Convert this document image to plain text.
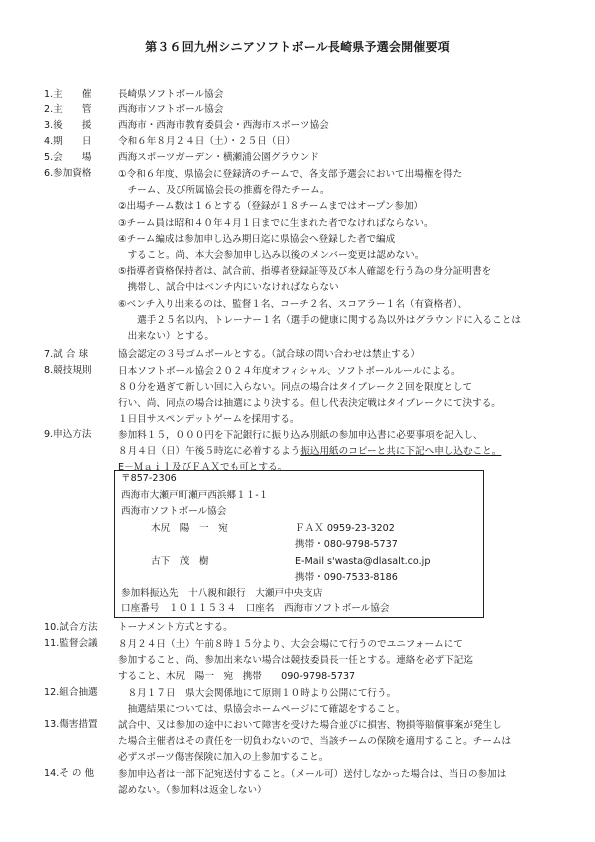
第３６回九州シニアソフトボール長崎県予選会開催要項
1.主　　催	長崎県ソフトボール協会
2.主　　管	西海市ソフトボール協会
3.後　　援	西海市・西海市教育委員会・西海市スポーツ協会
4.期　　日	令和６年８月２４日（土）・２５日（日）
5.会　　場	西海スポーツガーデン・横瀬浦公園グラウンド
6.参加資格	①令和６年度、県協会に登録済のチームで、各支部予選会において出場権を得た
　チーム、及び所属協会長の推薦を得たチーム。
②出場チーム数は１６とする（登録が１８チームまではオープン参加）
③チーム員は昭和４０年４月１日までに生まれた者でなければならない。
④チーム編成は参加申し込み期日迄に県協会へ登録した者で編成
　すること。尚、本大会参加申し込み以後のメンバー変更は認めない。
⑤指導者資格保持者は、試合前、指導者登録証等及び本人確認を行う為の身分証明書を
　携帯し、試合中はベンチ内にいなければならない
⑥ベンチ入り出来るのは、監督１名、コーチ２名、スコアラー１名（有資格者）、
　　選手２５名以内、トレーナー１名（選手の健康に関する為以外はグラウンドに入ることは
　出来ない）とする。
7.試 合 球	協会認定の３号ゴムボールとする。（試合球の問い合わせは禁止する）
8.競技規則	日本ソフトボール協会２０２４年度オフィシャル、ソフトボールルールによる。
８０分を過ぎて新しい回に入らない。同点の場合はタイブレーク２回を限度として
行い、尚、同点の場合は抽選により決する。但し代表決定戦はタイブレークにて決する。
１日目サスペンデットゲームを採用する。
9.申込方法	参加料１５，０００円を下記銀行に振り込み別紙の参加申込書に必要事項を記入し、
８月４日（日）午後５時迄に必着するよう振込用紙のコピーと共に下記へ申し込むこと。
E－Ｍａｉｌ及びＦＡＸでも可とする。
〒857-2306
西海市大瀬戸町瀬戸西浜郷１１-１
西海市ソフトボール協会
木尻　陽　一　宛	ＦＡＸ 0959-23-3202
携帯・080-9798-5737
古下　茂　樹	E-Mail s'wasta@dlasalt.co.jp
携帯・090-7533-8186
参加料振込先　十八親和銀行　大瀬戸中央支店
口座番号　 １０１１５３４　 口座名　 西海市ソフトボール協会
10.試合方法	トーナメント方式とする。
11.監督会議	８月２４日（土）午前８時１５分より、大会会場にて行うのでユニフォームにて
参加すること、尚、参加出来ない場合は競技委員長一任とする。連絡を必ず下記迄
すること、木尻　陽一　宛　携帯　　090-9798-5737
12.組合抽選	　８月１７日　県大会関係地にて原則１０時より公開にて行う。
　抽選結果については、県協会ホームページにて確認をすること。
13.傷害措置	試合中、又は参加の途中において障害を受けた場合並びに損害、物損等賠償事案が発生し
た場合主催者はその責任を一切負わないので、当該チームの保険を適用すること。チームは
必ずスポーツ傷害保険に加入の上参加すること。
14.そ の 他	参加申込者は一部下記宛送付すること。（メール可）送付しなかった場合は、当日の参加は
認めない。（参加料は返金しない）
